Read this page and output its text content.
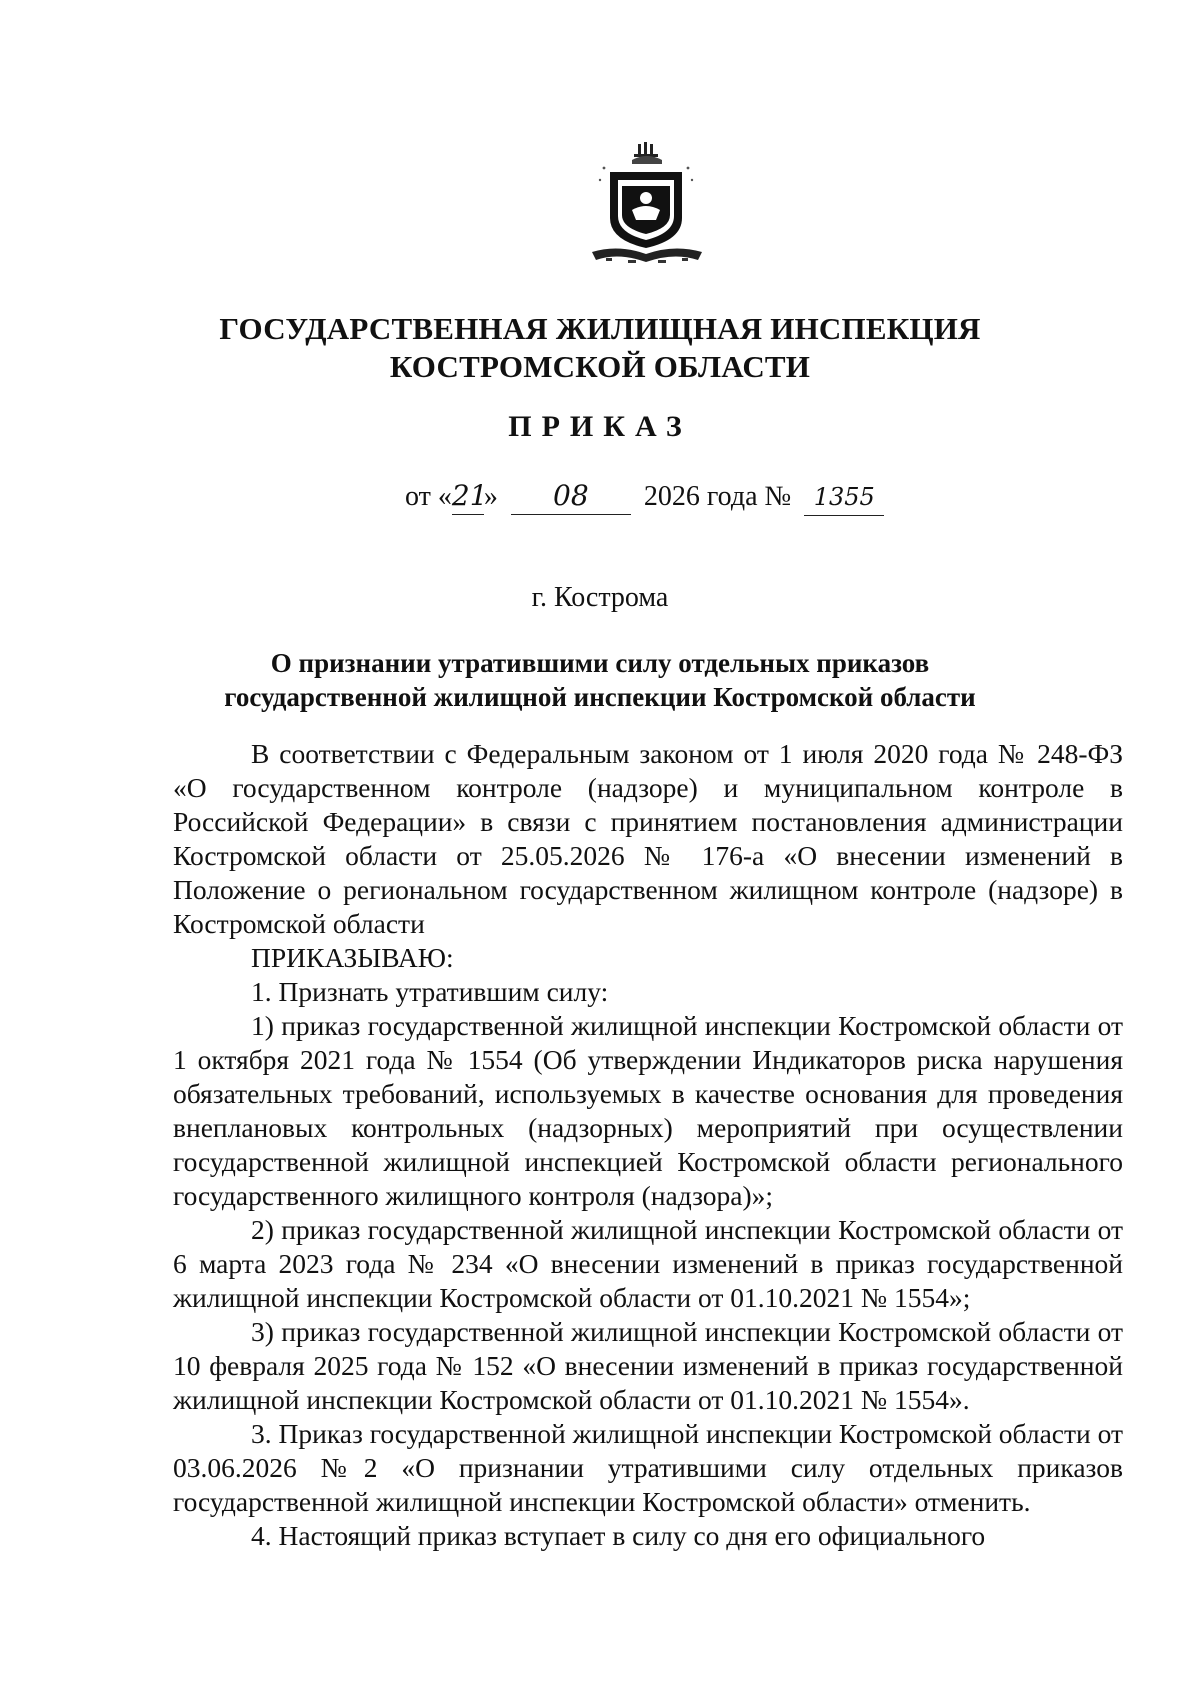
ГОСУДАРСТВЕННАЯ ЖИЛИЩНАЯ ИНСПЕКЦИЯ
КОСТРОМСКОЙ ОБЛАСТИ
ПРИКАЗ
от «21» 08 2026 года № 1355
г. Кострома
О признании утратившими силу отдельных приказов
государственной жилищной инспекции Костромской области

В соответствии с Федеральным законом от 1 июля 2020 года № 248-ФЗ «О государственном контроле (надзоре) и муниципальном контроле в Российской Федерации» в связи с принятием постановления администрации Костромской области от 25.05.2026 № 176-а «О внесении изменений в Положение о региональном государственном жилищном контроле (надзоре) в Костромской области

ПРИКАЗЫВАЮ:

1. Признать утратившим силу:

1) приказ государственной жилищной инспекции Костромской области от 1 октября 2021 года № 1554 (Об утверждении Индикаторов риска нарушения обязательных требований, используемых в качестве основания для проведения внеплановых контрольных (надзорных) мероприятий при осуществлении государственной жилищной инспекцией Костромской области регионального государственного жилищного контроля (надзора)»;

2) приказ государственной жилищной инспекции Костромской области от 6 марта 2023 года № 234 «О внесении изменений в приказ государственной жилищной инспекции Костромской области от 01.10.2021 № 1554»;

3) приказ государственной жилищной инспекции Костромской области от 10 февраля 2025 года № 152 «О внесении изменений в приказ государственной жилищной инспекции Костромской области от 01.10.2021 № 1554».

3. Приказ государственной жилищной инспекции Костромской области от 03.06.2026 №2 «О признании утратившими силу отдельных приказов государственной жилищной инспекции Костромской области» отменить.

4. Настоящий приказ вступает в силу со дня его официального
